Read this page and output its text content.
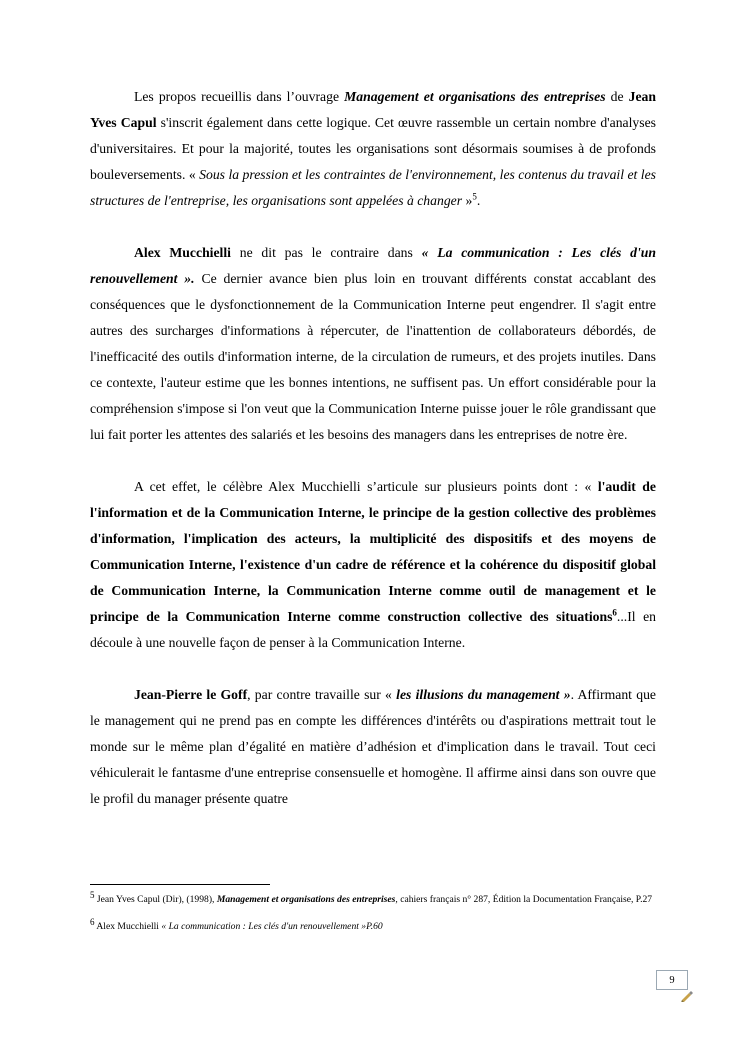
Les propos recueillis dans l’ouvrage Management et organisations des entreprises de Jean Yves Capul s'inscrit également dans cette logique. Cet œuvre rassemble un certain nombre d'analyses d'universitaires. Et pour la majorité, toutes les organisations sont désormais soumises à de profonds bouleversements. « Sous la pression et les contraintes de l'environnement, les contenus du travail et les structures de l'entreprise, les organisations sont appelées à changer »$^5$.

Alex Mucchielli ne dit pas le contraire dans « La communication : Les clés d'un renouvellement ». Ce dernier avance bien plus loin en trouvant différents constat accablant des conséquences que le dysfonctionnement de la Communication Interne peut engendrer. Il s'agit entre autres des surcharges d'informations à répercuter, de l'inattention de collaborateurs débordés, de l'inefficacité des outils d'information interne, de la circulation de rumeurs, et des projets inutiles. Dans ce contexte, l'auteur estime que les bonnes intentions, ne suffisent pas. Un effort considérable pour la compréhension s'impose si l'on veut que la Communication Interne puisse jouer le rôle grandissant que lui fait porter les attentes des salariés et les besoins des managers dans les entreprises de notre ère.

A cet effet, le célèbre Alex Mucchielli s’articule sur plusieurs points dont : « l'audit de l'information et de la Communication Interne, le principe de la gestion collective des problèmes d'information, l'implication des acteurs, la multiplicité des dispositifs et des moyens de Communication Interne, l'existence d'un cadre de référence et la cohérence du dispositif global de Communication Interne, la Communication Interne comme outil de management et le principe de la Communication Interne comme construction collective des situations$^6$...Il en découle à une nouvelle façon de penser à la Communication Interne.

Jean-Pierre le Goff, par contre travaille sur « les illusions du management ». Affirmant que le management qui ne prend pas en compte les différences d'intérêts ou d'aspirations mettrait tout le monde sur le même plan d’égalité en matière d’adhésion et d'implication dans le travail. Tout ceci véhiculerait le fantasme d'une entreprise consensuelle et homogène. Il affirme ainsi dans son ouvre que le profil du manager présente quatre

$^5$ Jean Yves Capul (Dir), (1998), Management et organisations des entreprises, cahiers français n° 287, Édition la Documentation Française, P.27

$^6$ Alex Mucchielli « La communication : Les clés d'un renouvellement »P.60

9
